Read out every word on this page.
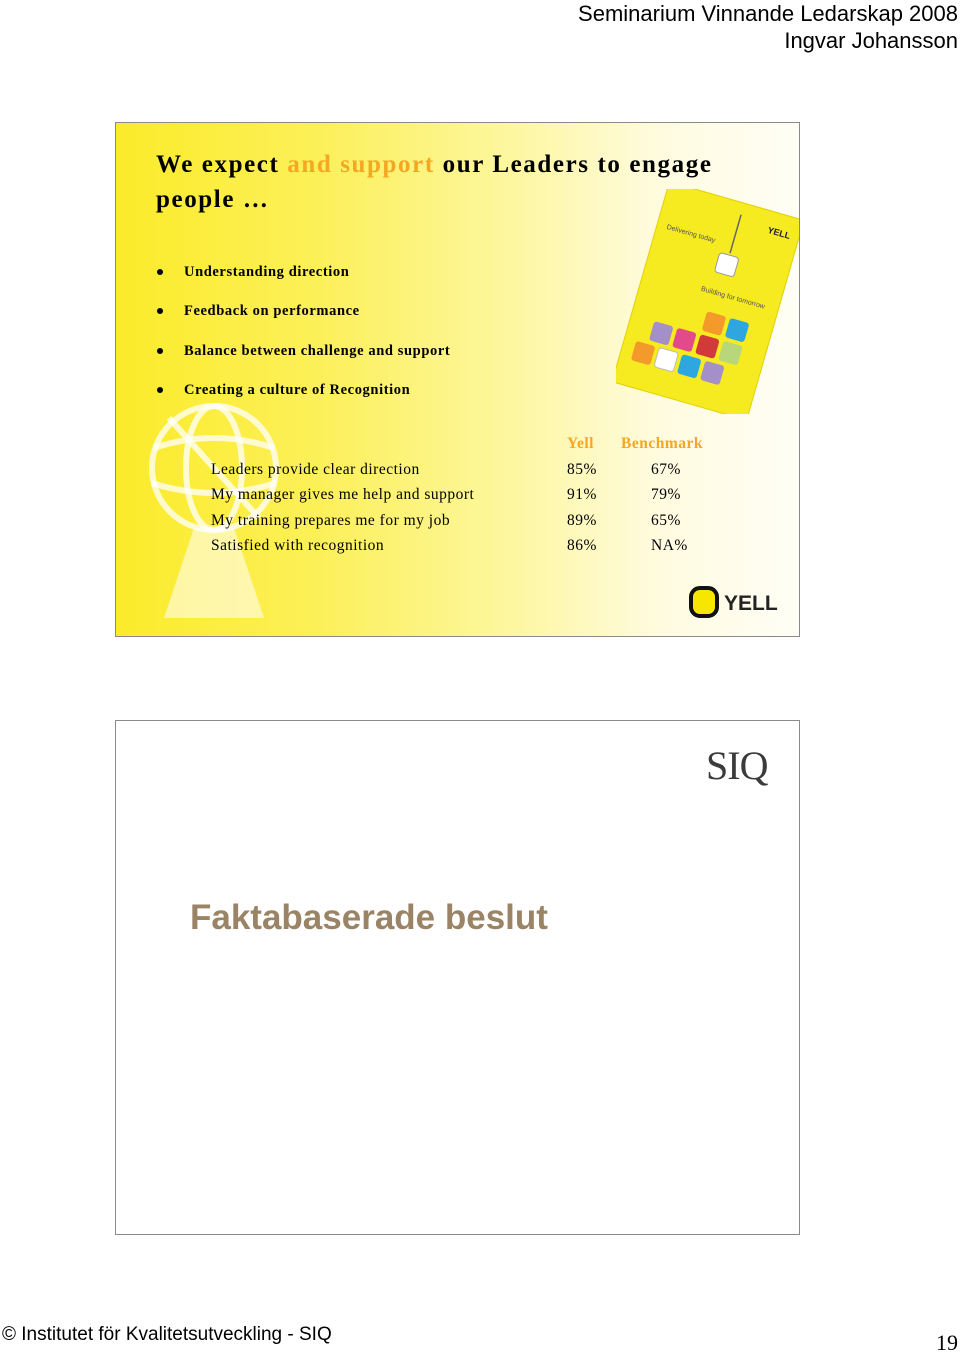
Seminarium Vinnande Ledarskap 2008
Ingvar Johansson
We expect and support our Leaders to engage people …
Understanding direction
Feedback on performance
Balance between challenge and support
Creating a culture of Recognition
Yell Benchmark
Leaders provide clear direction	85%	67%
My manager gives me help and support	91%	79%
My training prepares me for my job	89%	65%
Satisfied with recognition	86%	NA%
YELL
Delivering today
Building for tomorrow
YELL
SIQ
Faktabaserade beslut
© Institutet för Kvalitetsutveckling - SIQ	19
